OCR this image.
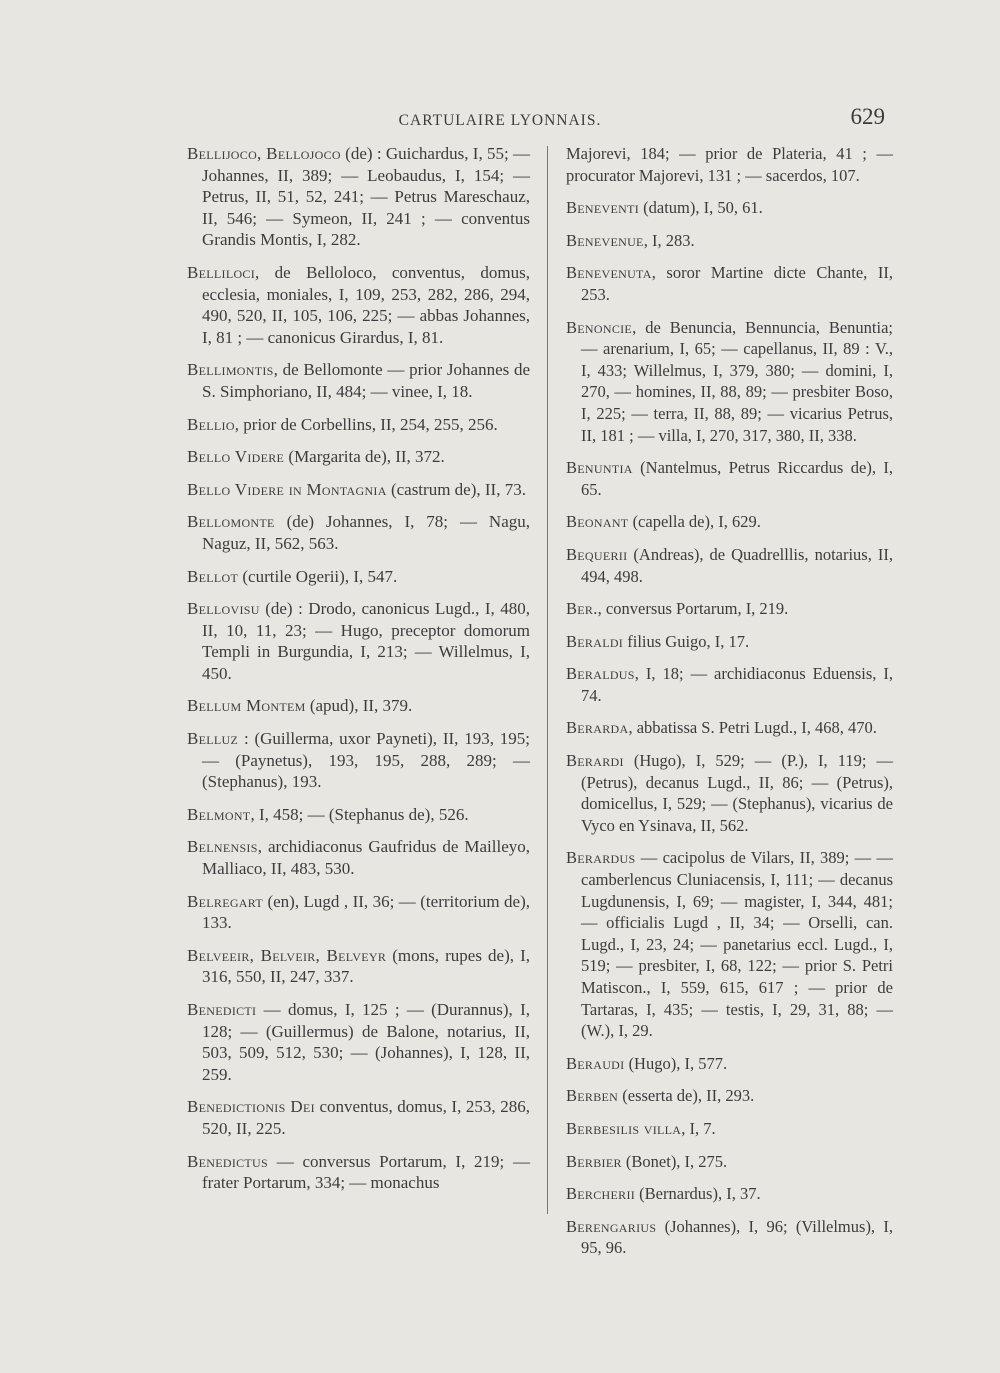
CARTULAIRE LYONNAIS.	629

Bellijoco, Bellojoco (de) : Guichardus, I, 55; — Johannes, II, 389; — Leobaudus, I, 154; — Petrus, II, 51, 52, 241; — Petrus Mareschauz, II, 546; — Symeon, II, 241 ; — conventus Grandis Montis, I, 282.

Belliloci, de Belloloco, conventus, domus, ecclesia, moniales, I, 109, 253, 282, 286, 294, 490, 520, II, 105, 106, 225; — abbas Johannes, I, 81 ; — canonicus Girardus, I, 81.

Bellimontis, de Bellomonte — prior Johannes de S. Simphoriano, II, 484; — vinee, I, 18.

Bellio, prior de Corbellins, II, 254, 255, 256.

Bello Videre (Margarita de), II, 372.

Bello Videre in Montagnia (castrum de), II, 73.

Bellomonte (de) Johannes, I, 78; — Nagu, Naguz, II, 562, 563.

Bellot (curtile Ogerii), I, 547.

Bellovisu (de) : Drodo, canonicus Lugd., I, 480, II, 10, 11, 23; — Hugo, preceptor domorum Templi in Burgundia, I, 213; — Willelmus, I, 450.

Bellum Montem (apud), II, 379.

Belluz : (Guillerma, uxor Payneti), II, 193, 195; — (Paynetus), 193, 195, 288, 289; — (Stephanus), 193.

Belmont, I, 458; — (Stephanus de), 526.

Belnensis, archidiaconus Gaufridus de Mailleyo, Malliaco, II, 483, 530.

Belregart (en), Lugd , II, 36; — (territorium de), 133.

Belveeir, Belveir, Belveyr (mons, rupes de), I, 316, 550, II, 247, 337.

Benedicti — domus, I, 125 ; — (Durannus), I, 128; — (Guillermus) de Balone, notarius, II, 503, 509, 512, 530; — (Johannes), I, 128, II, 259.

Benedictionis Dei conventus, domus, I, 253, 286, 520, II, 225.

Benedictus — conversus Portarum, I, 219; — frater Portarum, 334; — monachus

Majorevi, 184; — prior de Plateria, 41 ; — procurator Majorevi, 131 ; — sacerdos, 107.

Beneventi (datum), I, 50, 61.

Benevenue, I, 283.

Benevenuta, soror Martine dicte Chante, II, 253.

Benoncie, de Benuncia, Bennuncia, Benuntia; — arenarium, I, 65; — capellanus, II, 89 : V., I, 433; Willelmus, I, 379, 380; — domini, I, 270, — homines, II, 88, 89; — presbiter Boso, I, 225; — terra, II, 88, 89; — vicarius Petrus, II, 181 ; — villa, I, 270, 317, 380, II, 338.

Benuntia (Nantelmus, Petrus Riccardus de), I, 65.

Beonant (capella de), I, 629.

Bequerii (Andreas), de Quadrelllis, notarius, II, 494, 498.

Ber., conversus Portarum, I, 219.

Beraldi filius Guigo, I, 17.

Beraldus, I, 18; — archidiaconus Eduensis, I, 74.

Berarda, abbatissa S. Petri Lugd., I, 468, 470.

Berardi (Hugo), I, 529; — (P.), I, 119; — (Petrus), decanus Lugd., II, 86; — (Petrus), domicellus, I, 529; — (Stephanus), vicarius de Vyco en Ysinava, II, 562.

Berardus — cacipolus de Vilars, II, 389; — — camberlencus Cluniacensis, I, 111; — decanus Lugdunensis, I, 69; — magister, I, 344, 481; — officialis Lugd , II, 34; — Orselli, can. Lugd., I, 23, 24; — panetarius eccl. Lugd., I, 519; — presbiter, I, 68, 122; — prior S. Petri Matiscon., I, 559, 615, 617 ; — prior de Tartaras, I, 435; — testis, I, 29, 31, 88; — (W.), I, 29.

Beraudi (Hugo), I, 577.

Berben (esserta de), II, 293.

Berbesilis villa, I, 7.

Berbier (Bonet), I, 275.

Bercherii (Bernardus), I, 37.

Berengarius (Johannes), I, 96; (Villelmus), I, 95, 96.
